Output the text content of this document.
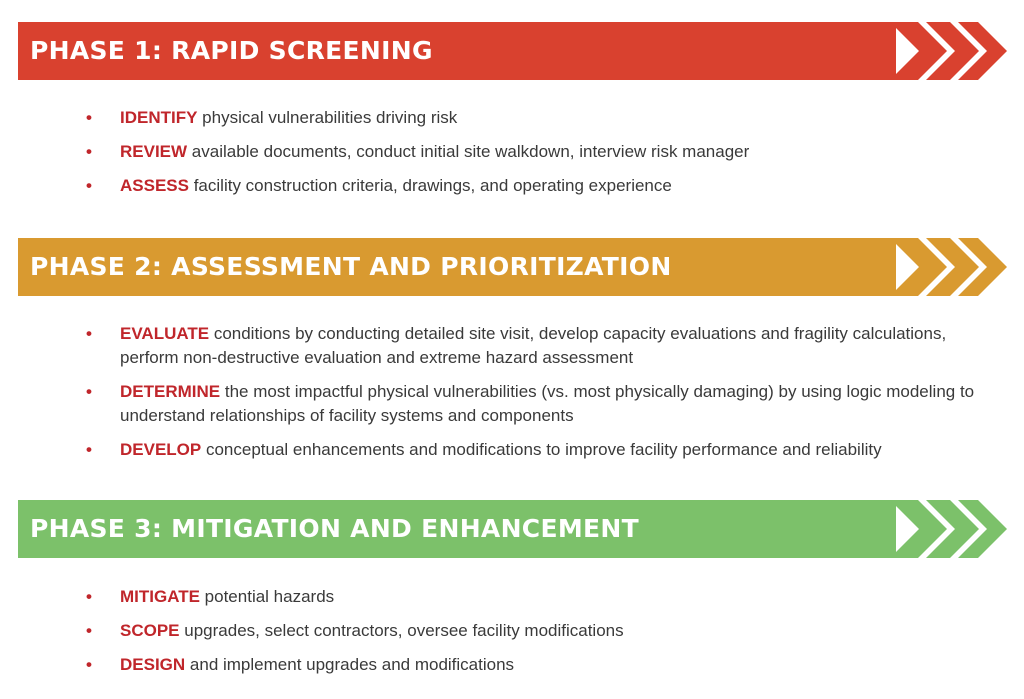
PHASE 1: RAPID SCREENING
• IDENTIFY physical vulnerabilities driving risk
• REVIEW available documents, conduct initial site walkdown, interview risk manager
• ASSESS facility construction criteria, drawings, and operating experience
PHASE 2: ASSESSMENT AND PRIORITIZATION
• EVALUATE conditions by conducting detailed site visit, develop capacity evaluations and fragility calculations, perform non-destructive evaluation and extreme hazard assessment
• DETERMINE the most impactful physical vulnerabilities (vs. most physically damaging) by using logic modeling to understand relationships of facility systems and components
• DEVELOP conceptual enhancements and modifications to improve facility performance and reliability
PHASE 3: MITIGATION AND ENHANCEMENT
• MITIGATE potential hazards
• SCOPE upgrades, select contractors, oversee facility modifications
• DESIGN and implement upgrades and modifications
